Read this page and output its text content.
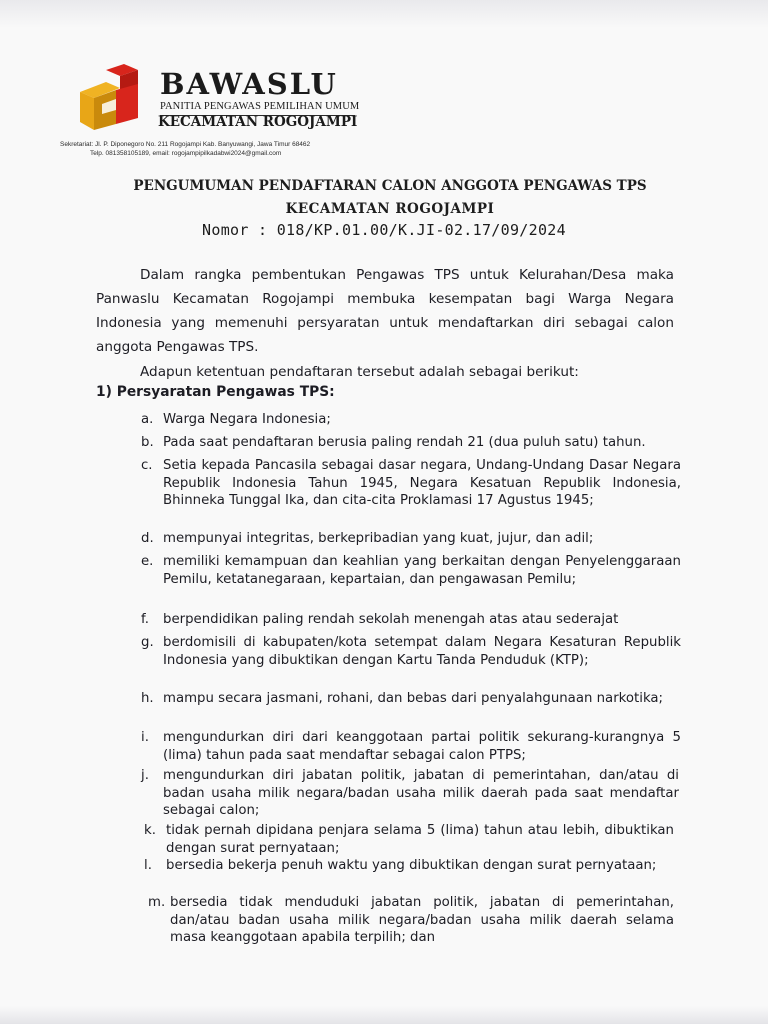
BAWASLU
PANITIA PENGAWAS PEMILIHAN UMUM
KECAMATAN ROGOJAMPI
Sekretariat: Jl. P. Diponegoro No. 211 Rogojampi Kab. Banyuwangi, Jawa Timur 68462
Telp. 081358105189, email: rogojampipilkadabwi2024@gmail.com
PENGUMUMAN PENDAFTARAN CALON ANGGOTA PENGAWAS TPS
KECAMATAN ROGOJAMPI
Nomor : 018/KP.01.00/K.JI-02.17/09/2024
Dalam rangka pembentukan Pengawas TPS untuk Kelurahan/Desa maka Panwaslu Kecamatan Rogojampi membuka kesempatan bagi Warga Negara Indonesia yang memenuhi persyaratan untuk mendaftarkan diri sebagai calon anggota Pengawas TPS.
Adapun ketentuan pendaftaran tersebut adalah sebagai berikut:
1) Persyaratan Pengawas TPS:
a. Warga Negara Indonesia;
b. Pada saat pendaftaran berusia paling rendah 21 (dua puluh satu) tahun.
c. Setia kepada Pancasila sebagai dasar negara, Undang-Undang Dasar Negara Republik Indonesia Tahun 1945, Negara Kesatuan Republik Indonesia, Bhinneka Tunggal Ika, dan cita-cita Proklamasi 17 Agustus 1945;
d. mempunyai integritas, berkepribadian yang kuat, jujur, dan adil;
e. memiliki kemampuan dan keahlian yang berkaitan dengan Penyelenggaraan Pemilu, ketatanegaraan, kepartaian, dan pengawasan Pemilu;
f. berpendidikan paling rendah sekolah menengah atas atau sederajat
g. berdomisili di kabupaten/kota setempat dalam Negara Kesaturan Republik Indonesia yang dibuktikan dengan Kartu Tanda Penduduk (KTP);
h. mampu secara jasmani, rohani, dan bebas dari penyalahgunaan narkotika;
i. mengundurkan diri dari keanggotaan partai politik sekurang-kurangnya 5 (lima) tahun pada saat mendaftar sebagai calon PTPS;
j. mengundurkan diri jabatan politik, jabatan di pemerintahan, dan/atau di badan usaha milik negara/badan usaha milik daerah pada saat mendaftar sebagai calon;
k. tidak pernah dipidana penjara selama 5 (lima) tahun atau lebih, dibuktikan dengan surat pernyataan;
l. bersedia bekerja penuh waktu yang dibuktikan dengan surat pernyataan;
m. bersedia tidak menduduki jabatan politik, jabatan di pemerintahan, dan/atau badan usaha milik negara/badan usaha milik daerah selama masa keanggotaan apabila terpilih; dan
